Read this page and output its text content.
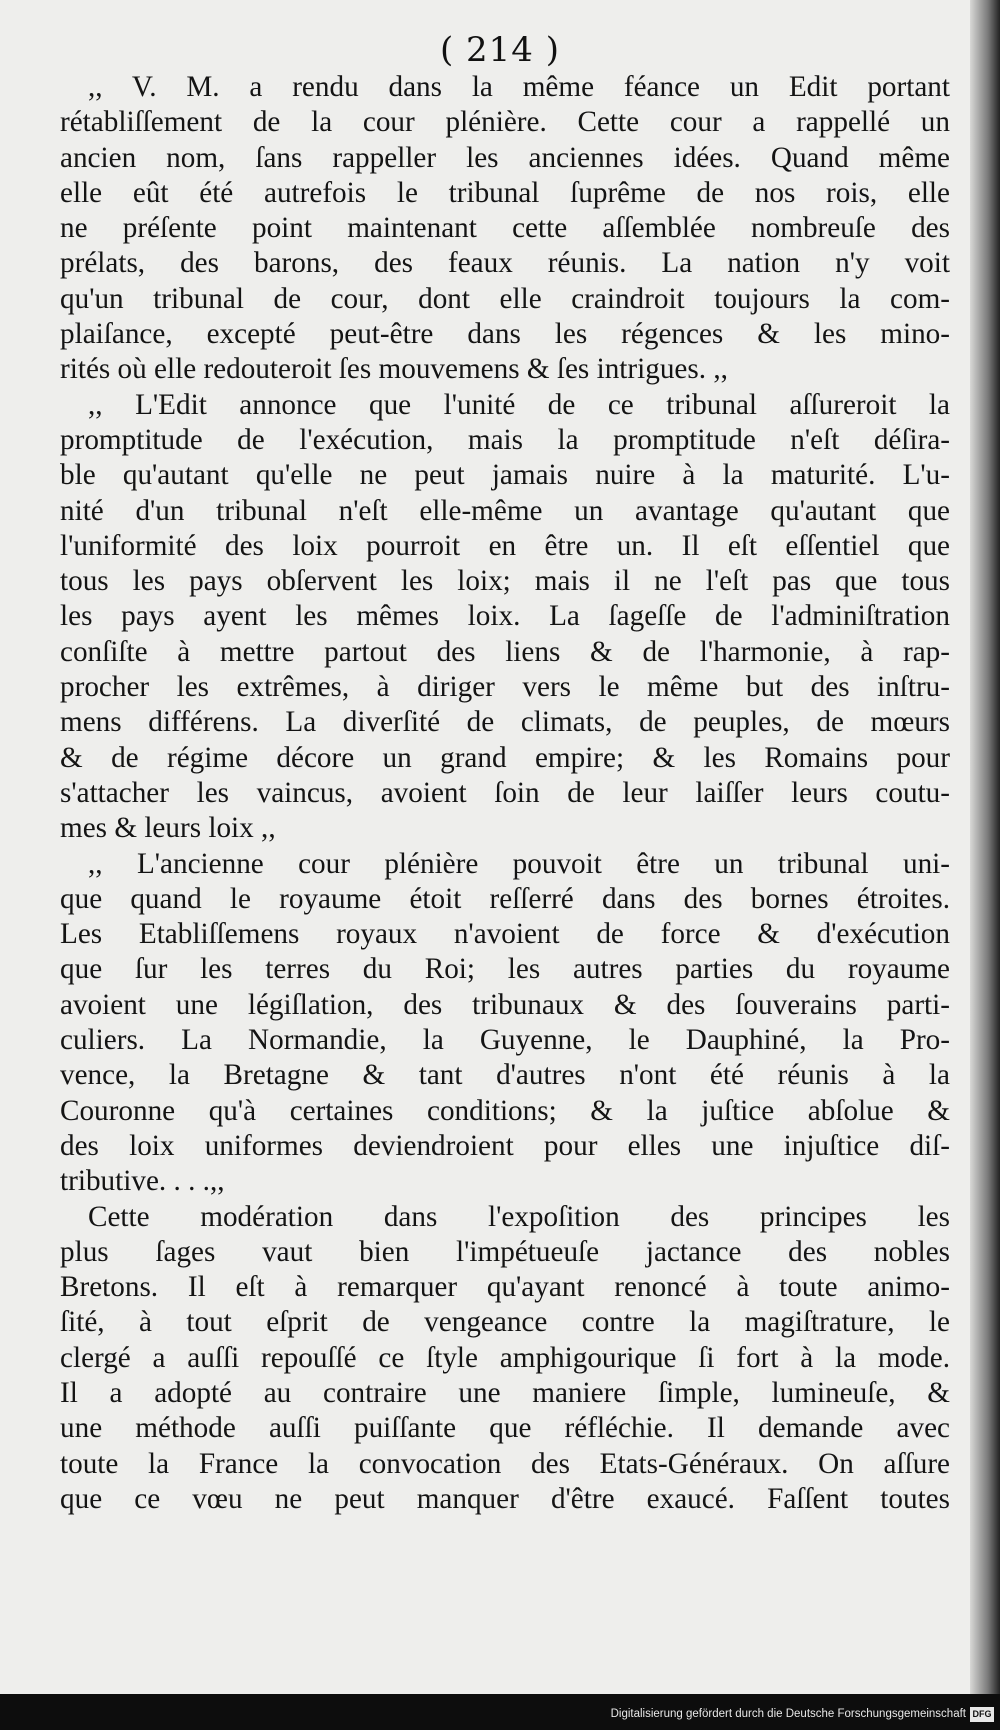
( 214 )
,, V. M. a rendu dans la même féance un Edit portant
rétabliſſement de la cour plénière. Cette cour a rappellé un
ancien nom, ſans rappeller les anciennes idées. Quand même
elle eût été autrefois le tribunal ſuprême de nos rois, elle
ne préſente point maintenant cette aſſemblée nombreuſe des
prélats, des barons, des feaux réunis. La nation n'y voit
qu'un tribunal de cour, dont elle craindroit toujours la com-
plaiſance, excepté peut-être dans les régences & les mino-
rités où elle redouteroit ſes mouvemens & ſes intrigues. ,,
,, L'Edit annonce que l'unité de ce tribunal aſſureroit la
promptitude de l'exécution, mais la promptitude n'eſt déſira-
ble qu'autant qu'elle ne peut jamais nuire à la maturité. L'u-
nité d'un tribunal n'eſt elle-même un avantage qu'autant que
l'uniformité des loix pourroit en être un. Il eſt eſſentiel que
tous les pays obſervent les loix; mais il ne l'eſt pas que tous
les pays ayent les mêmes loix. La ſageſſe de l'adminiſtration
conſiſte à mettre partout des liens & de l'harmonie, à rap-
procher les extrêmes, à diriger vers le même but des inſtru-
mens différens. La diverſité de climats, de peuples, de mœurs
& de régime décore un grand empire; & les Romains pour
s'attacher les vaincus, avoient ſoin de leur laiſſer leurs coutu-
mes & leurs loix ,,
,, L'ancienne cour plénière pouvoit être un tribunal uni-
que quand le royaume étoit reſſerré dans des bornes étroites.
Les Etabliſſemens royaux n'avoient de force & d'exécution
que ſur les terres du Roi; les autres parties du royaume
avoient une légiſlation, des tribunaux & des ſouverains parti-
culiers. La Normandie, la Guyenne, le Dauphiné, la Pro-
vence, la Bretagne & tant d'autres n'ont été réunis à la
Couronne qu'à certaines conditions; & la juſtice abſolue &
des loix uniformes deviendroient pour elles une injuſtice diſ-
tributive. . . .,,
Cette modération dans l'expoſition des principes les
plus ſages vaut bien l'impétueuſe jactance des nobles
Bretons. Il eſt à remarquer qu'ayant renoncé à toute animo-
ſité, à tout eſprit de vengeance contre la magiſtrature, le
clergé a auſſi repouſſé ce ſtyle amphigourique ſi fort à la mode.
Il a adopté au contraire une maniere ſimple, lumineuſe, &
une méthode auſſi puiſſante que réfléchie. Il demande avec
toute la France la convocation des Etats-Généraux. On aſſure
que ce vœu ne peut manquer d'être exaucé. Faſſent toutes
Digitalisierung gefördert durch die Deutsche Forschungsgemeinschaft DFG
